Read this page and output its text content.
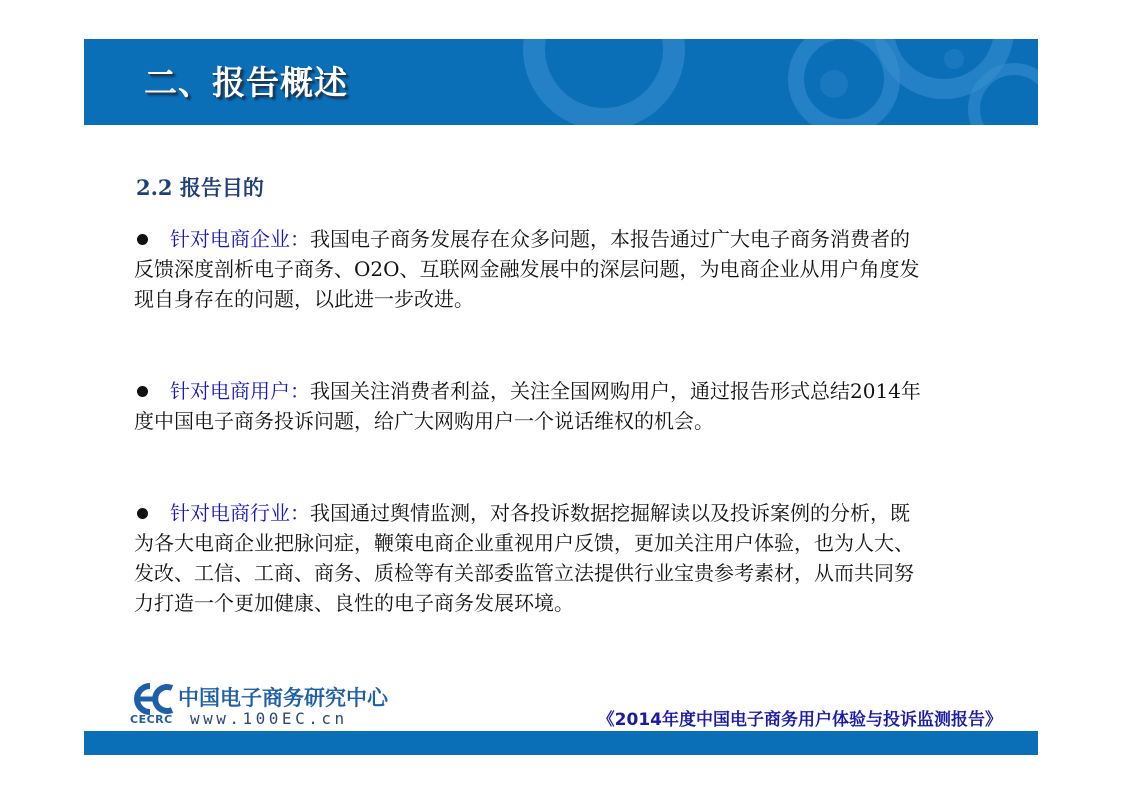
二、报告概述
2.2 报告目的

针对电商企业：我国电子商务发展存在众多问题，本报告通过广大电子商务消费者的反馈深度剖析电子商务、O2O、互联网金融发展中的深层问题，为电商企业从用户角度发现自身存在的问题，以此进一步改进。

针对电商用户：我国关注消费者利益，关注全国网购用户，通过报告形式总结2014年度中国电子商务投诉问题，给广大网购用户一个说话维权的机会。

针对电商行业：我国通过舆情监测，对各投诉数据挖掘解读以及投诉案例的分析，既为各大电商企业把脉问症，鞭策电商企业重视用户反馈，更加关注用户体验，也为人大、发改、工信、工商、商务、质检等有关部委监管立法提供行业宝贵参考素材，从而共同努力打造一个更加健康、良性的电子商务发展环境。

中国电子商务研究中心
CECRC www.100EC.cn	《2014年度中国电子商务用户体验与投诉监测报告》
